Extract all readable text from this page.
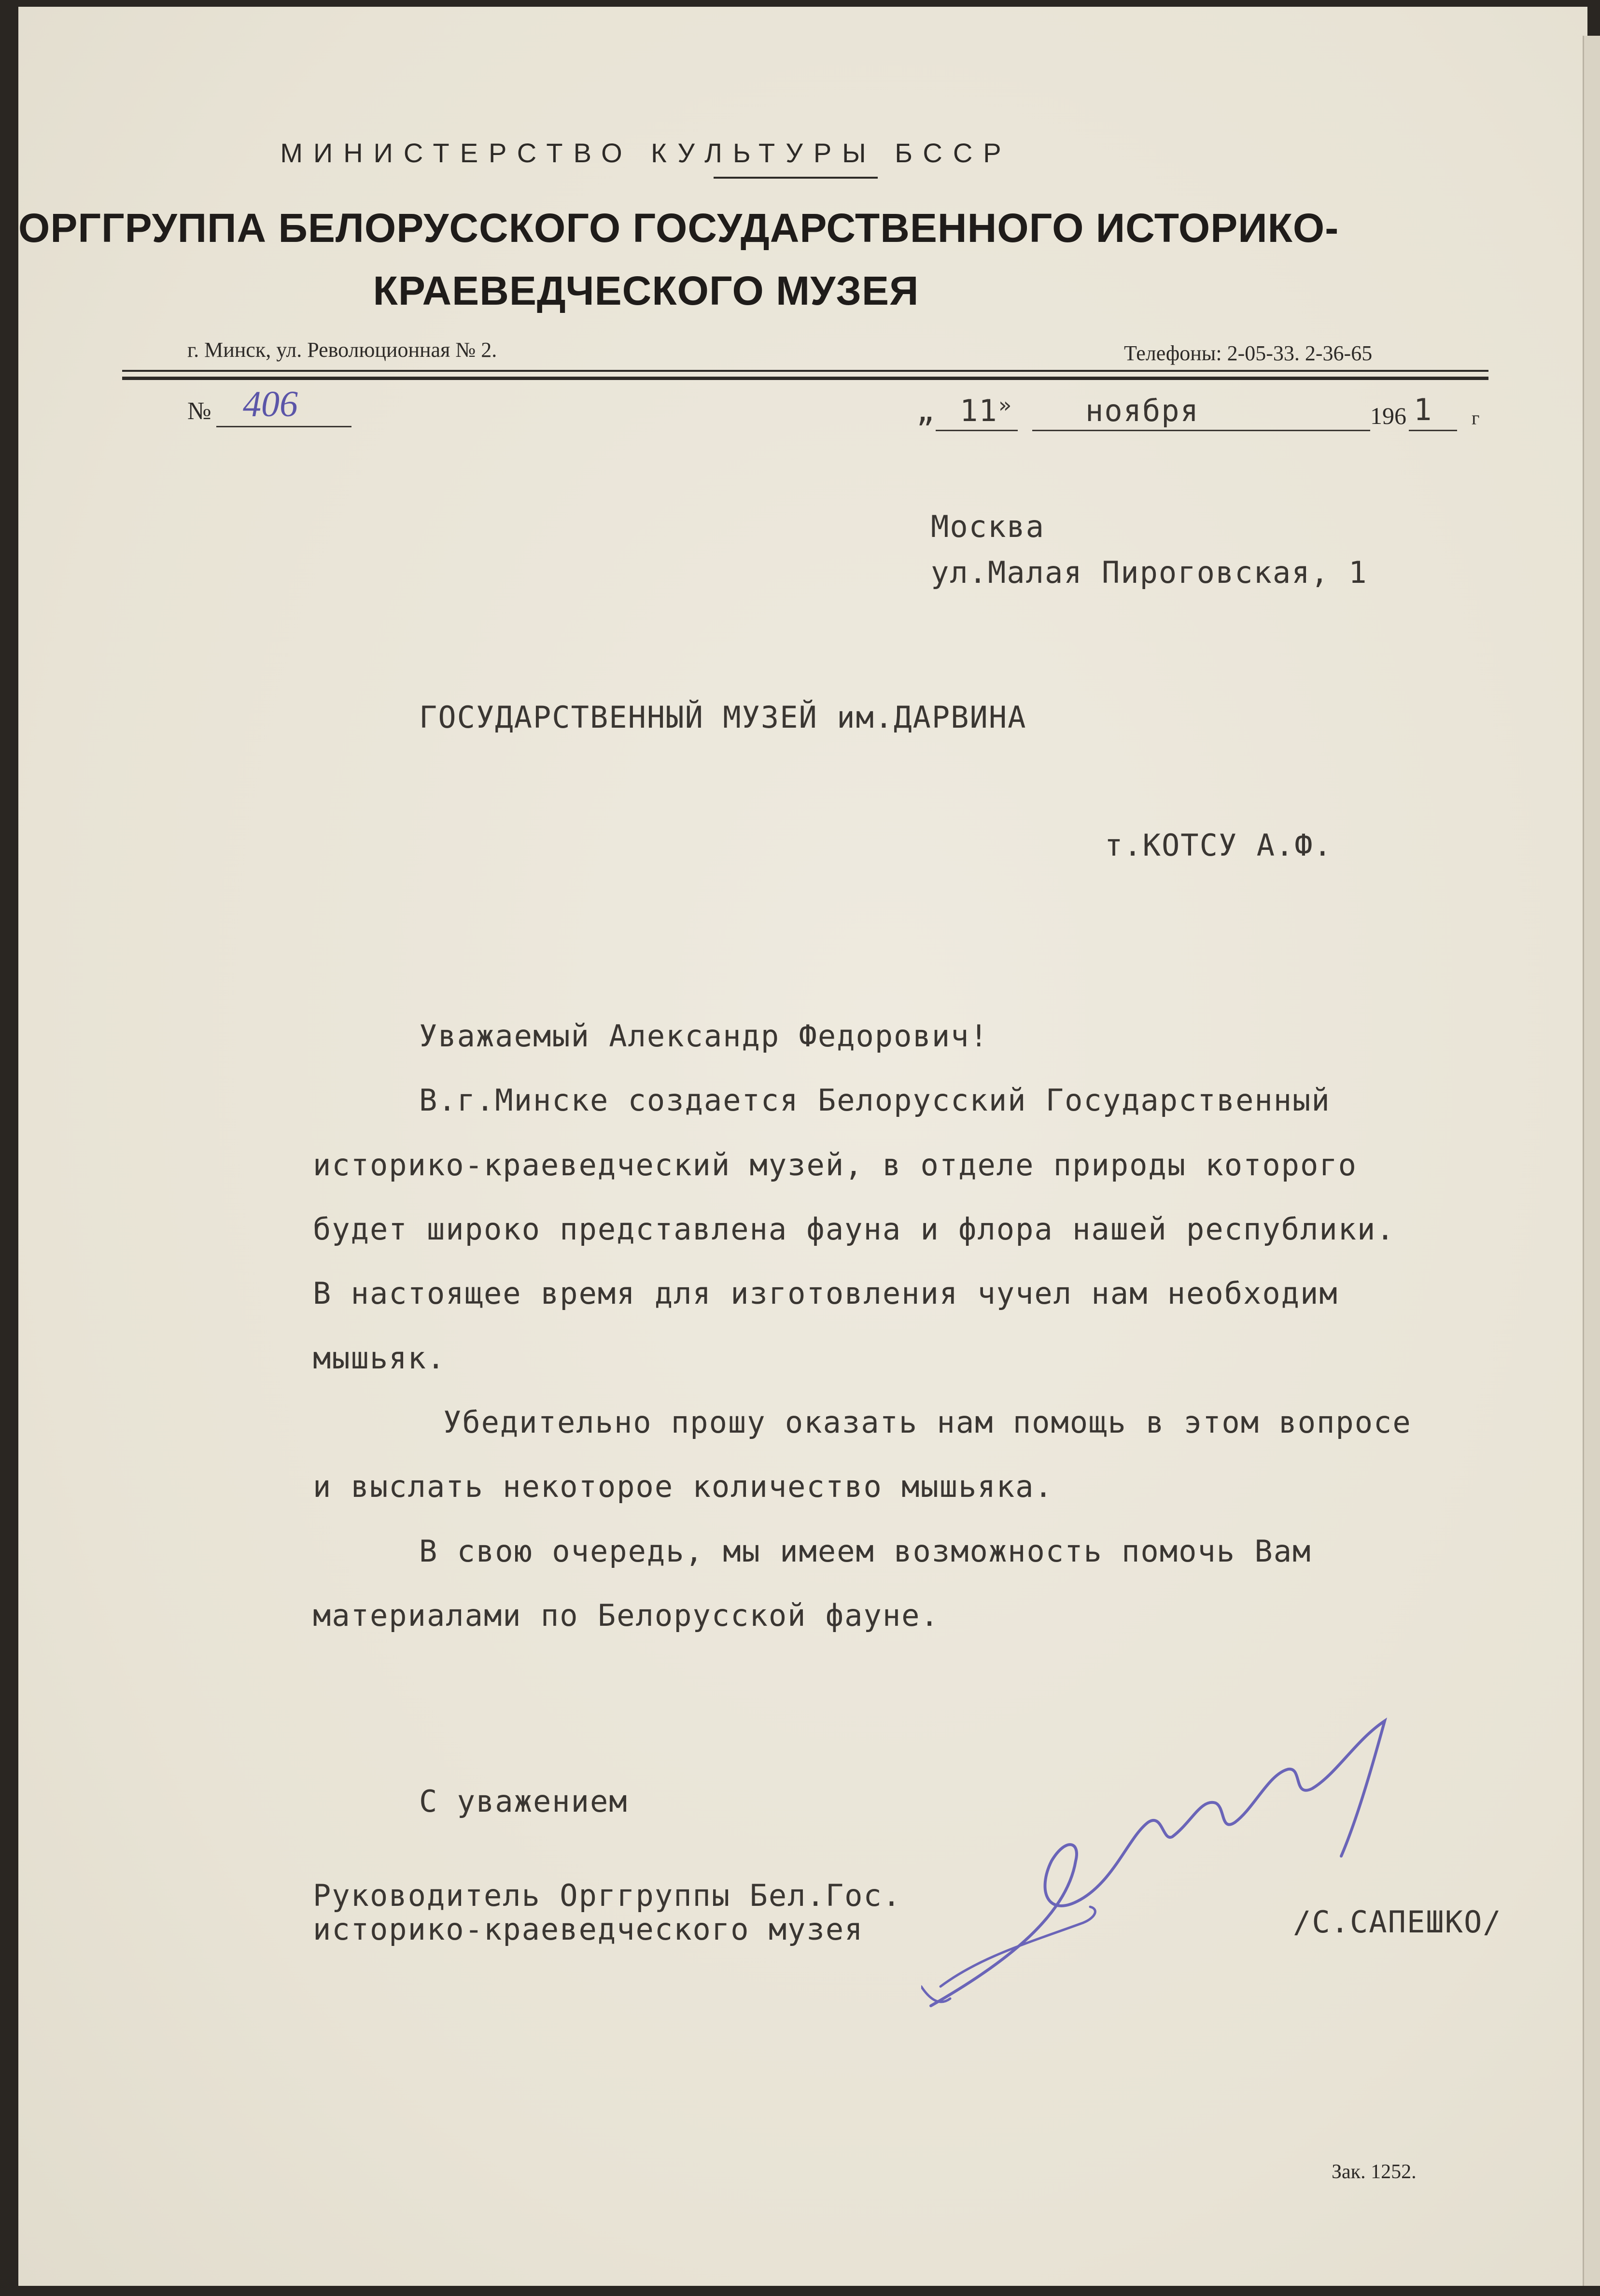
МИНИСТЕРСТВО КУЛЬТУРЫ БССР
ОРГГРУППА БЕЛОРУССКОГО ГОСУДАРСТВЕННОГО ИСТОРИКО-
КРАЕВЕДЧЕСКОГО МУЗЕЯ
г. Минск, ул. Революционная № 2.	Телефоны: 2-05-33. 2-36-65
№ 406	„ 11 » ноября	196 1 г
Москва
ул.Малая Пироговская, 1
ГОСУДАРСТВЕННЫЙ МУЗЕЙ им.ДАРВИНА
т.КОТСУ А.Ф.
Уважаемый Александр Федорович!
В.г.Минске создается Белорусский Государственный
историко-краеведческий музей, в отделе природы которого
будет широко представлена фауна и флора нашей республики.
В настоящее время для изготовления чучел нам необходим
мышьяк.
Убедительно прошу оказать нам помощь в этом вопросе
и выслать некоторое количество мышьяка.
В свою очередь, мы имеем возможность помочь Вам
материалами по Белорусской фауне.
С уважением
Руководитель Орггруппы Бел.Гос.
историко-краеведческого музея	/С.САПЕШКО/
Зак. 1252.
